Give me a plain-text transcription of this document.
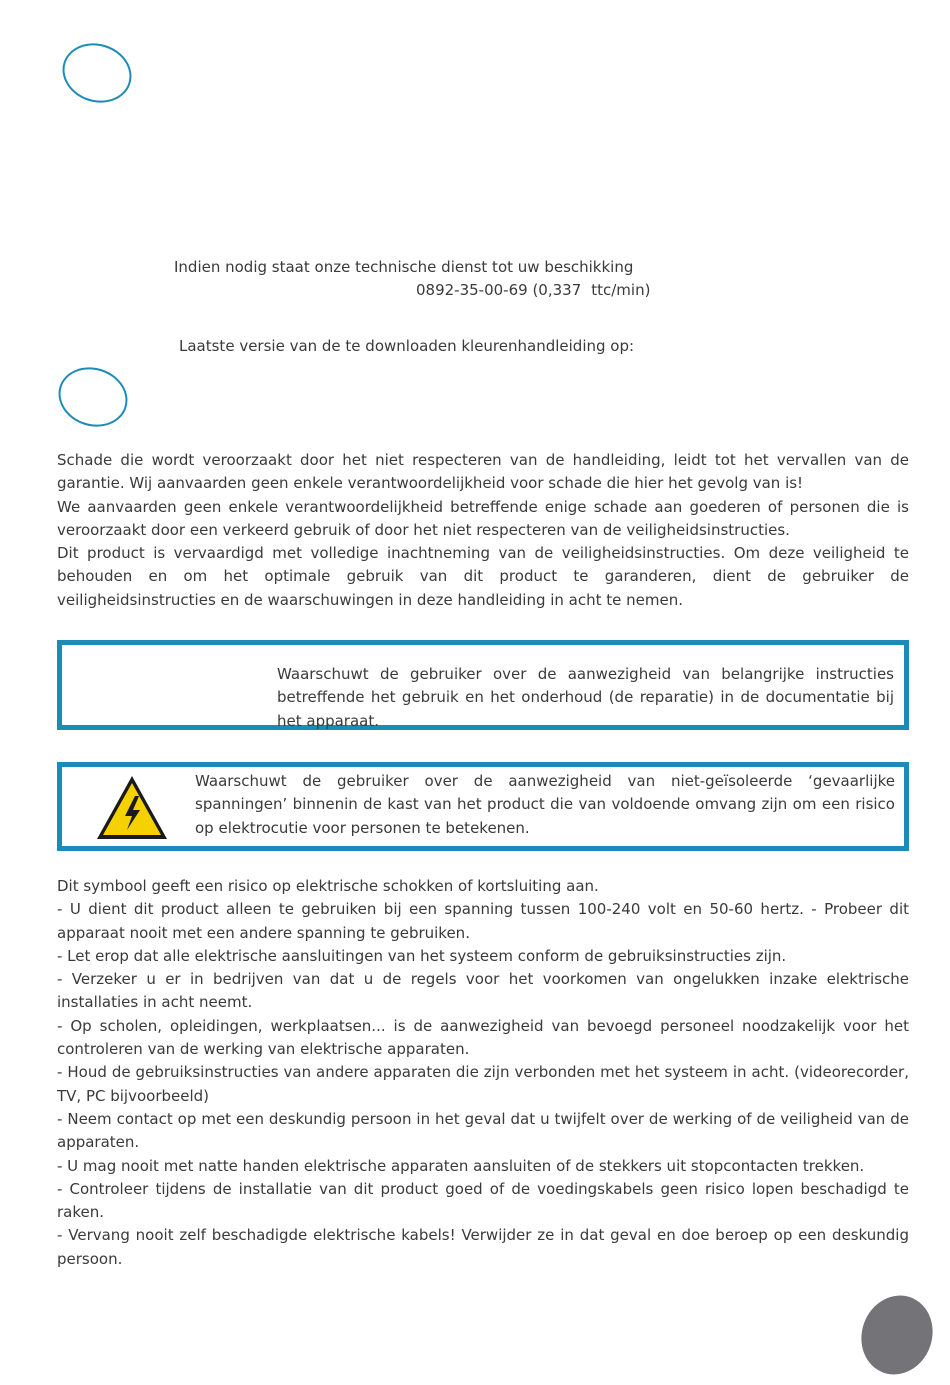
Indien nodig staat onze technische dienst tot uw beschikking
0892-35-00-69 (0,337 ttc/min)
Laatste versie van de te downloaden kleurenhandleiding op:

Schade die wordt veroorzaakt door het niet respecteren van de handleiding, leidt tot het vervallen van de garantie. Wij aanvaarden geen enkele verantwoordelijkheid voor schade die hier het gevolg van is!

We aanvaarden geen enkele verantwoordelijkheid betreffende enige schade aan goederen of personen die is veroorzaakt door een verkeerd gebruik of door het niet respecteren van de veiligheidsinstructies.

Dit product is vervaardigd met volledige inachtneming van de veiligheidsinstructies. Om deze veiligheid te behouden en om het optimale gebruik van dit product te garanderen, dient de gebruiker de veiligheidsinstructies en de waarschuwingen in deze handleiding in acht te nemen.

Waarschuwt de gebruiker over de aanwezigheid van belangrijke instructies betreffende het gebruik en het onderhoud (de reparatie) in de documentatie bij het apparaat.
Waarschuwt de gebruiker over de aanwezigheid van niet-geïsoleerde ‘gevaarlijke spanningen’ binnenin de kast van het product die van voldoende omvang zijn om een risico op elektrocutie voor personen te betekenen.

Dit symbool geeft een risico op elektrische schokken of kortsluiting aan.

- U dient dit product alleen te gebruiken bij een spanning tussen 100-240 volt en 50-60 hertz. - Probeer dit apparaat nooit met een andere spanning te gebruiken.

- Let erop dat alle elektrische aansluitingen van het systeem conform de gebruiksinstructies zijn.

- Verzeker u er in bedrijven van dat u de regels voor het voorkomen van ongelukken inzake elektrische installaties in acht neemt.

- Op scholen, opleidingen, werkplaatsen... is de aanwezigheid van bevoegd personeel noodzakelijk voor het controleren van de werking van elektrische apparaten.

- Houd de gebruiksinstructies van andere apparaten die zijn verbonden met het systeem in acht. (videorecorder, TV, PC bijvoorbeeld)

- Neem contact op met een deskundig persoon in het geval dat u twijfelt over de werking of de veiligheid van de apparaten.

- U mag nooit met natte handen elektrische apparaten aansluiten of de stekkers uit stopcontacten trekken.

- Controleer tijdens de installatie van dit product goed of de voedingskabels geen risico lopen beschadigd te raken.

- Vervang nooit zelf beschadigde elektrische kabels! Verwijder ze in dat geval en doe beroep op een deskundig persoon.
